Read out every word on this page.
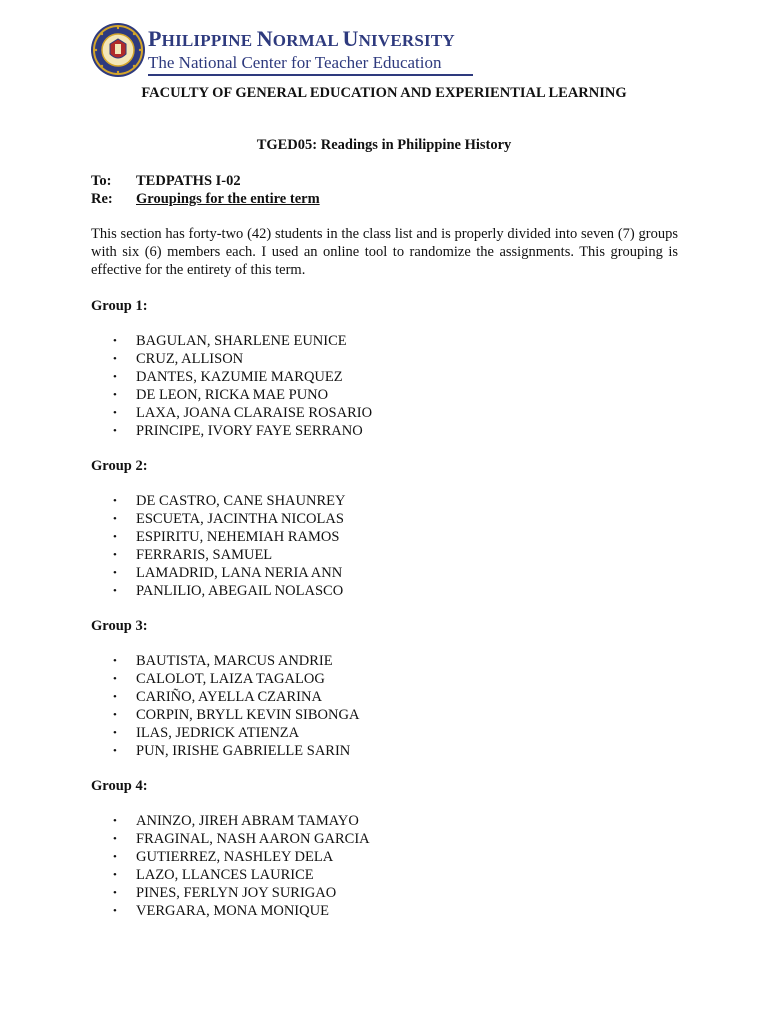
PHILIPPINE NORMAL UNIVERSITY
The National Center for Teacher Education
FACULTY OF GENERAL EDUCATION AND EXPERIENTIAL LEARNING
TGED05: Readings in Philippine History
To:	TEDPATHS I-02
Re:	Groupings for the entire term
This section has forty-two (42) students in the class list and is properly divided into seven (7) groups with six (6) members each. I used an online tool to randomize the assignments. This grouping is effective for the entirety of this term.
Group 1:
• BAGULAN, SHARLENE EUNICE
• CRUZ, ALLISON
• DANTES, KAZUMIE MARQUEZ
• DE LEON, RICKA MAE PUNO
• LAXA, JOANA CLARAISE ROSARIO
• PRINCIPE, IVORY FAYE SERRANO
Group 2:
• DE CASTRO, CANE SHAUNREY
• ESCUETA, JACINTHA NICOLAS
• ESPIRITU, NEHEMIAH RAMOS
• FERRARIS, SAMUEL
• LAMADRID, LANA NERIA ANN
• PANLILIO, ABEGAIL NOLASCO
Group 3:
• BAUTISTA, MARCUS ANDRIE
• CALOLOT, LAIZA TAGALOG
• CARIÑO, AYELLA CZARINA
• CORPIN, BRYLL KEVIN SIBONGA
• ILAS, JEDRICK ATIENZA
• PUN, IRISHE GABRIELLE SARIN
Group 4:
• ANINZO, JIREH ABRAM TAMAYO
• FRAGINAL, NASH AARON GARCIA
• GUTIERREZ, NASHLEY DELA
• LAZO, LLANCES LAURICE
• PINES, FERLYN JOY SURIGAO
• VERGARA, MONA MONIQUE
